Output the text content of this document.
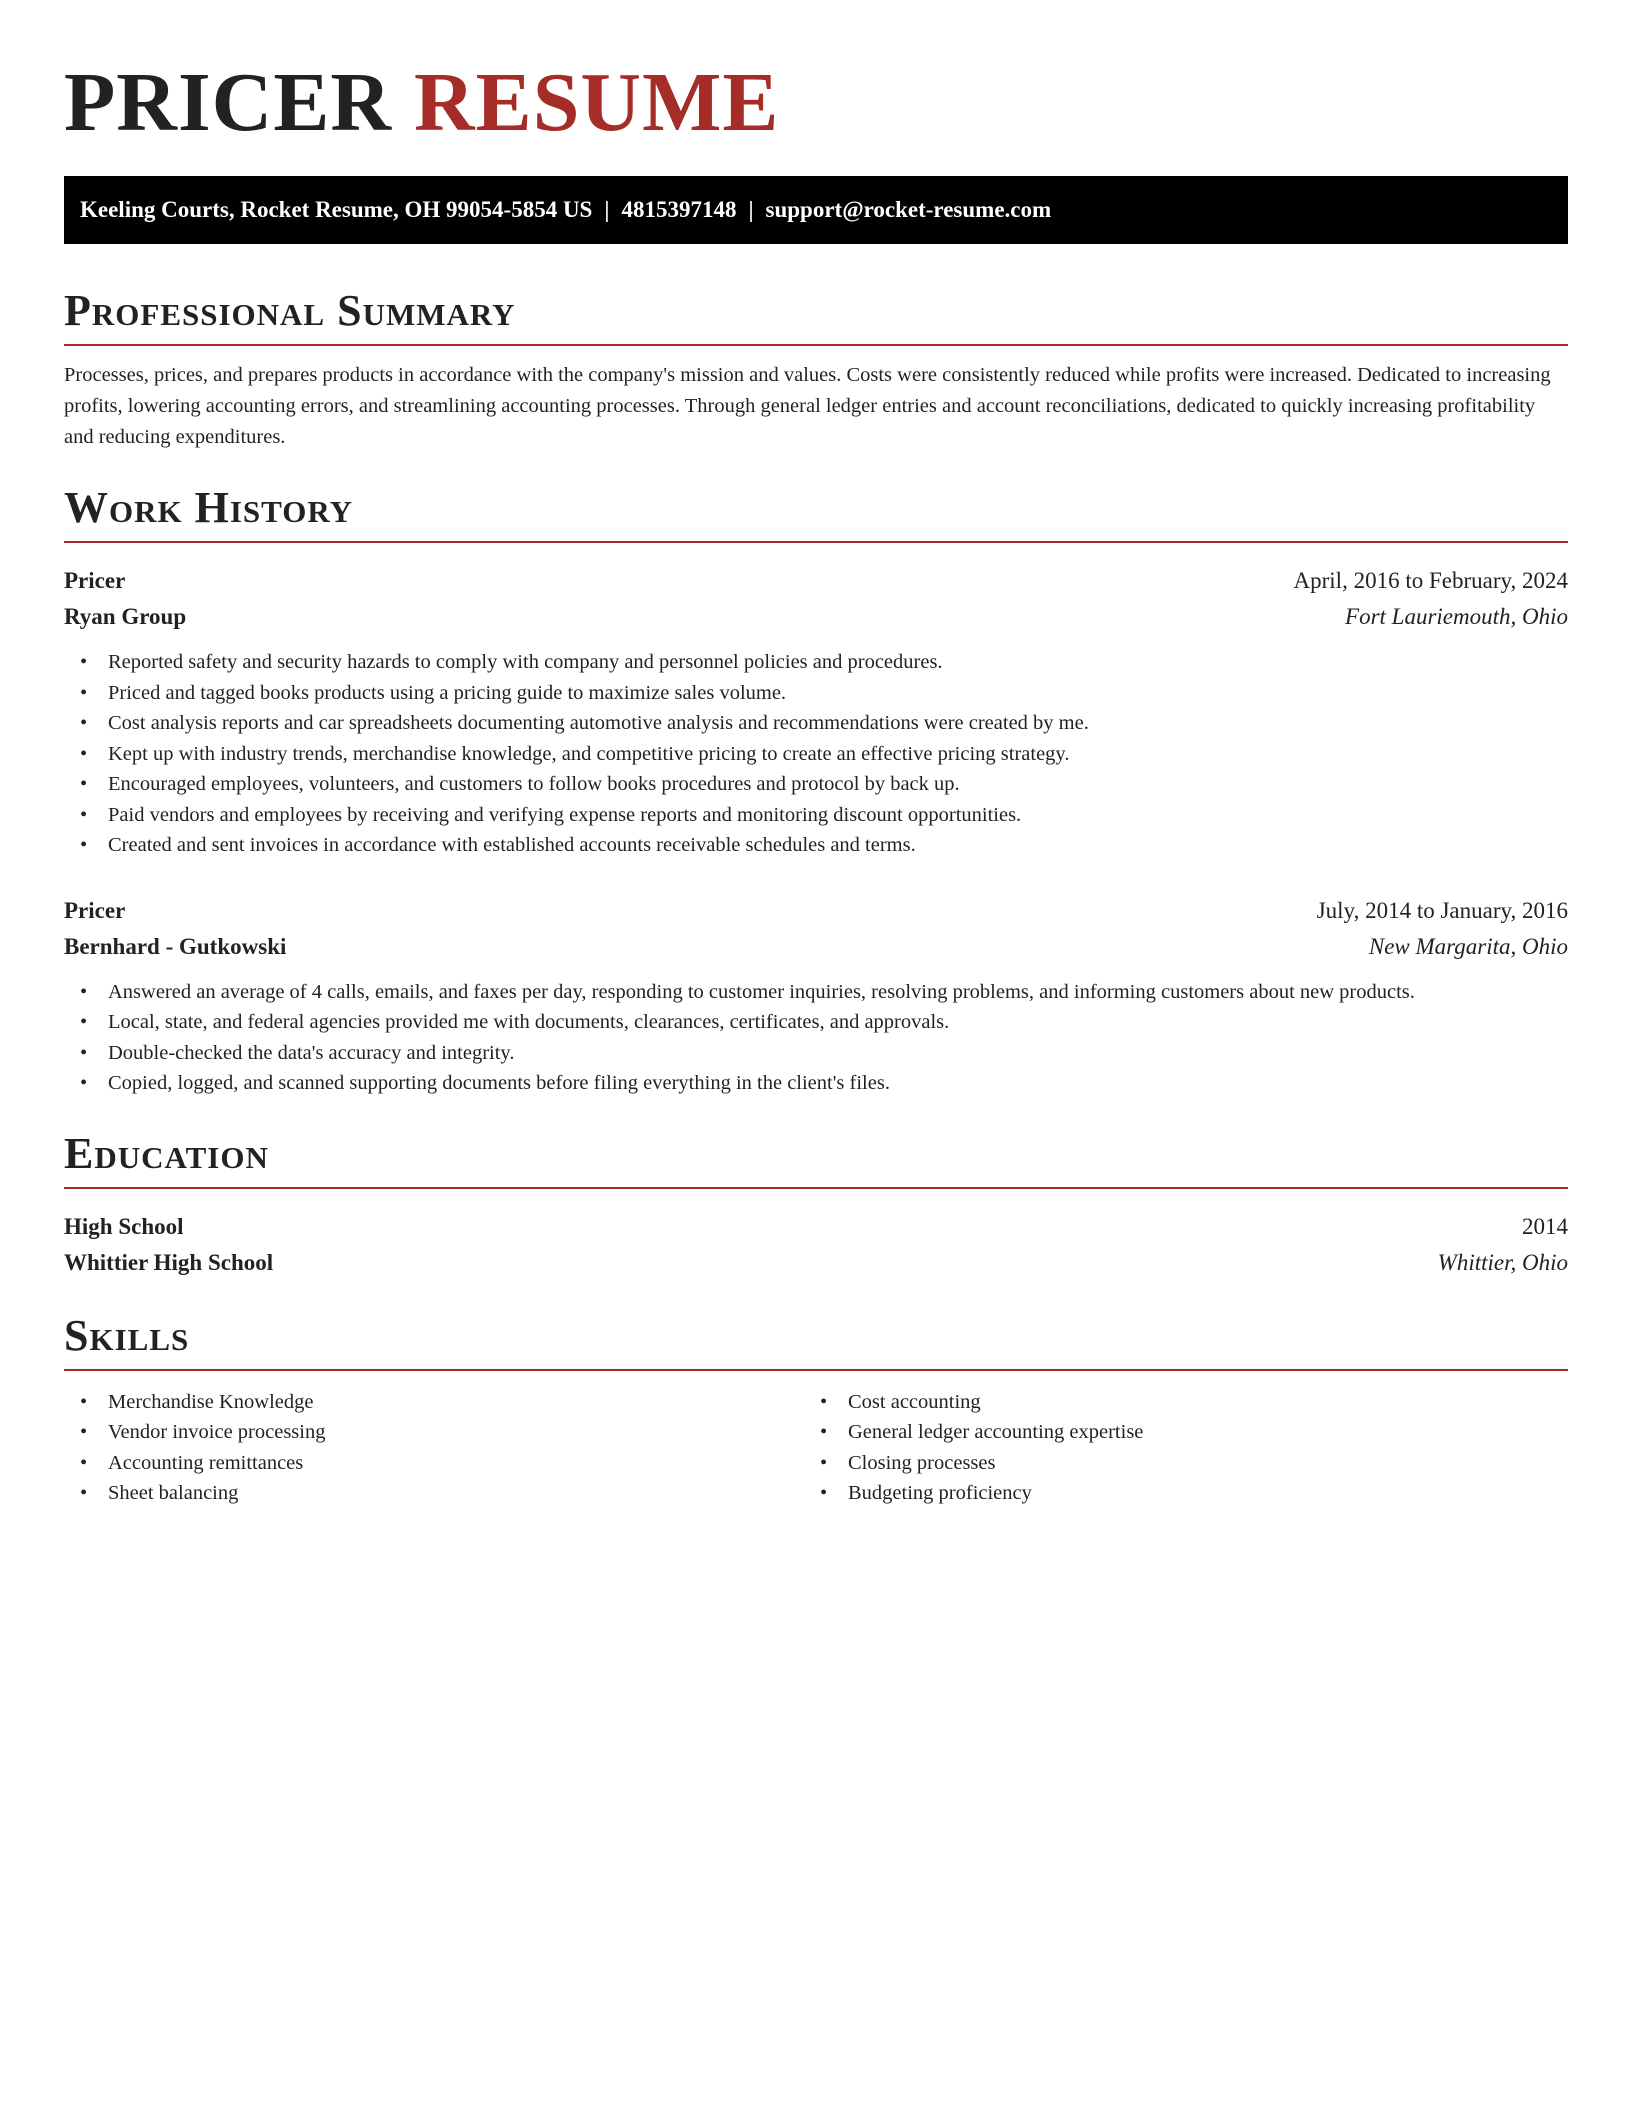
PRICER RESUME
Keeling Courts, Rocket Resume, OH 99054-5854 US | 4815397148 | support@rocket-resume.com
Professional Summary

Processes, prices, and prepares products in accordance with the company's mission and values. Costs were consistently reduced while profits were increased. Dedicated to increasing profits, lowering accounting errors, and streamlining accounting processes. Through general ledger entries and account reconciliations, dedicated to quickly increasing profitability and reducing expenditures.

Work History
Pricer	April, 2016 to February, 2024
Ryan Group	Fort Lauriemouth, Ohio
• Reported safety and security hazards to comply with company and personnel policies and procedures.
• Priced and tagged books products using a pricing guide to maximize sales volume.
• Cost analysis reports and car spreadsheets documenting automotive analysis and recommendations were created by me.
• Kept up with industry trends, merchandise knowledge, and competitive pricing to create an effective pricing strategy.
• Encouraged employees, volunteers, and customers to follow books procedures and protocol by back up.
• Paid vendors and employees by receiving and verifying expense reports and monitoring discount opportunities.
• Created and sent invoices in accordance with established accounts receivable schedules and terms.
Pricer	July, 2014 to January, 2016
Bernhard - Gutkowski	New Margarita, Ohio
• Answered an average of 4 calls, emails, and faxes per day, responding to customer inquiries, resolving problems, and informing customers about new products.
• Local, state, and federal agencies provided me with documents, clearances, certificates, and approvals.
• Double-checked the data's accuracy and integrity.
• Copied, logged, and scanned supporting documents before filing everything in the client's files.
Education
High School	2014
Whittier High School	Whittier, Ohio
Skills
• Merchandise Knowledge
• Vendor invoice processing
• Accounting remittances
• Sheet balancing
• Cost accounting
• General ledger accounting expertise
• Closing processes
• Budgeting proficiency
